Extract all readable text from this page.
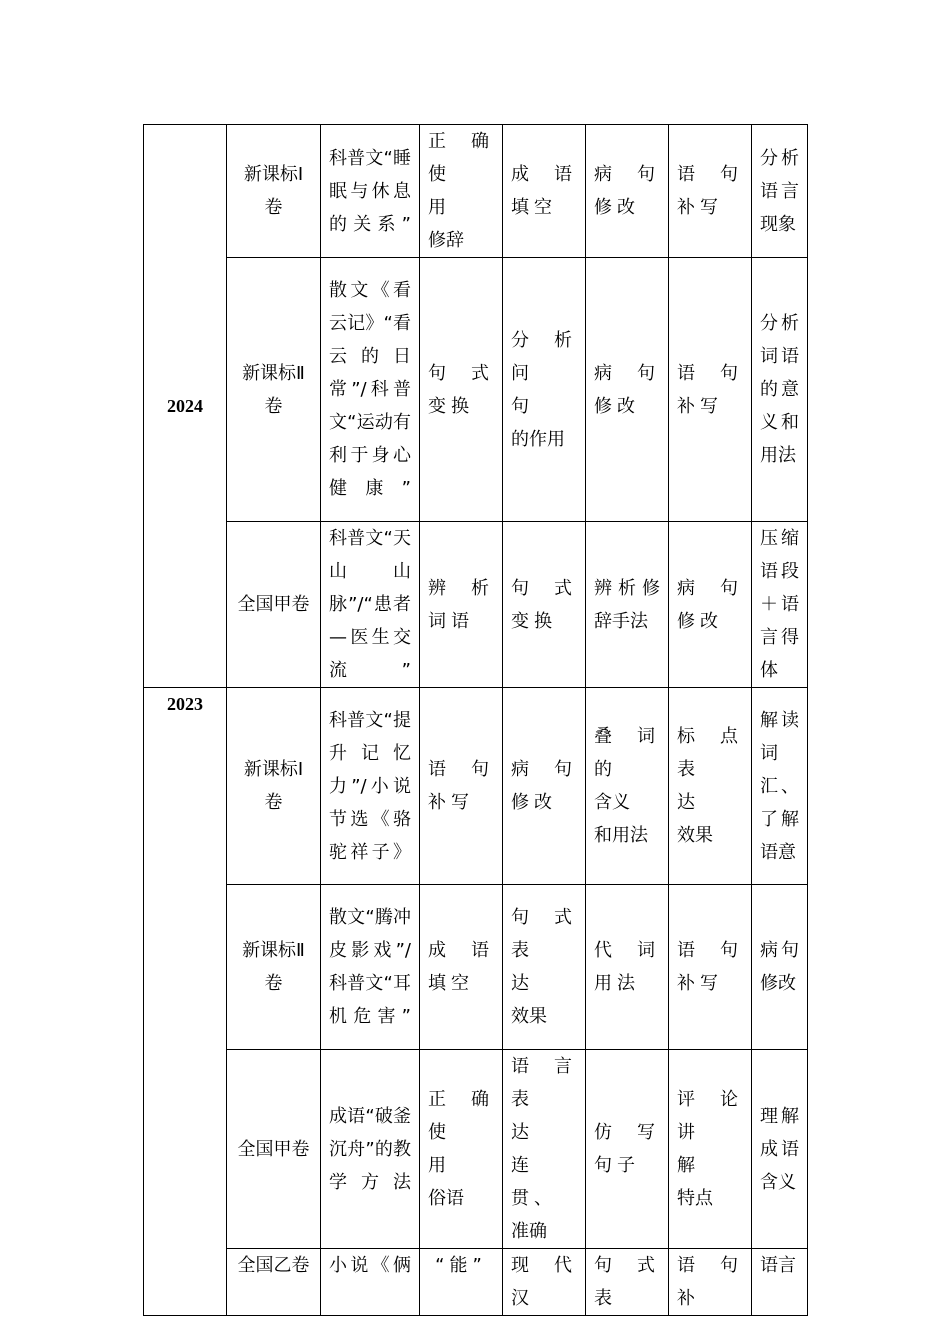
2024	新课标Ⅰ卷	科普文“睡眠与休息的关系”	正确使
用
修辞	成语填空	病句修改	语句补写	分析语言现象
	新课标Ⅱ卷	散文《看云记》“看云的日常”/科普文“运动有利于身心健康”	句式变换	分析问
句
的作用	病句修改	语句补写	分析词语的意义和用法
	全国甲卷	科普文“天山山脉”/“患者—医生交流”	辨析词语	句式变换	辨析修辞手法	病句修改	压缩语段＋语言得体
2023	新课标Ⅰ卷	科普文“提升记忆力”/小说节选《骆驼祥子》	语句补写	病句修改	叠词的
含义
和用法	标点表
达
效果	解读词汇、了解语意
	新课标Ⅱ卷	散文“腾冲皮影戏”/科普文“耳机危害”	成语填空	句式表
达
效果	代词用法	语句补写	病句修改
	全国甲卷	成语“破釜沉舟”的教学方法	正确使
用
俗语	语言表
达
连贯、
准确	仿写句子	评论讲
解
特点	理解成语含义
	全国乙卷	小说《俩	“能”	现代汉	句式表	语句补	语言
